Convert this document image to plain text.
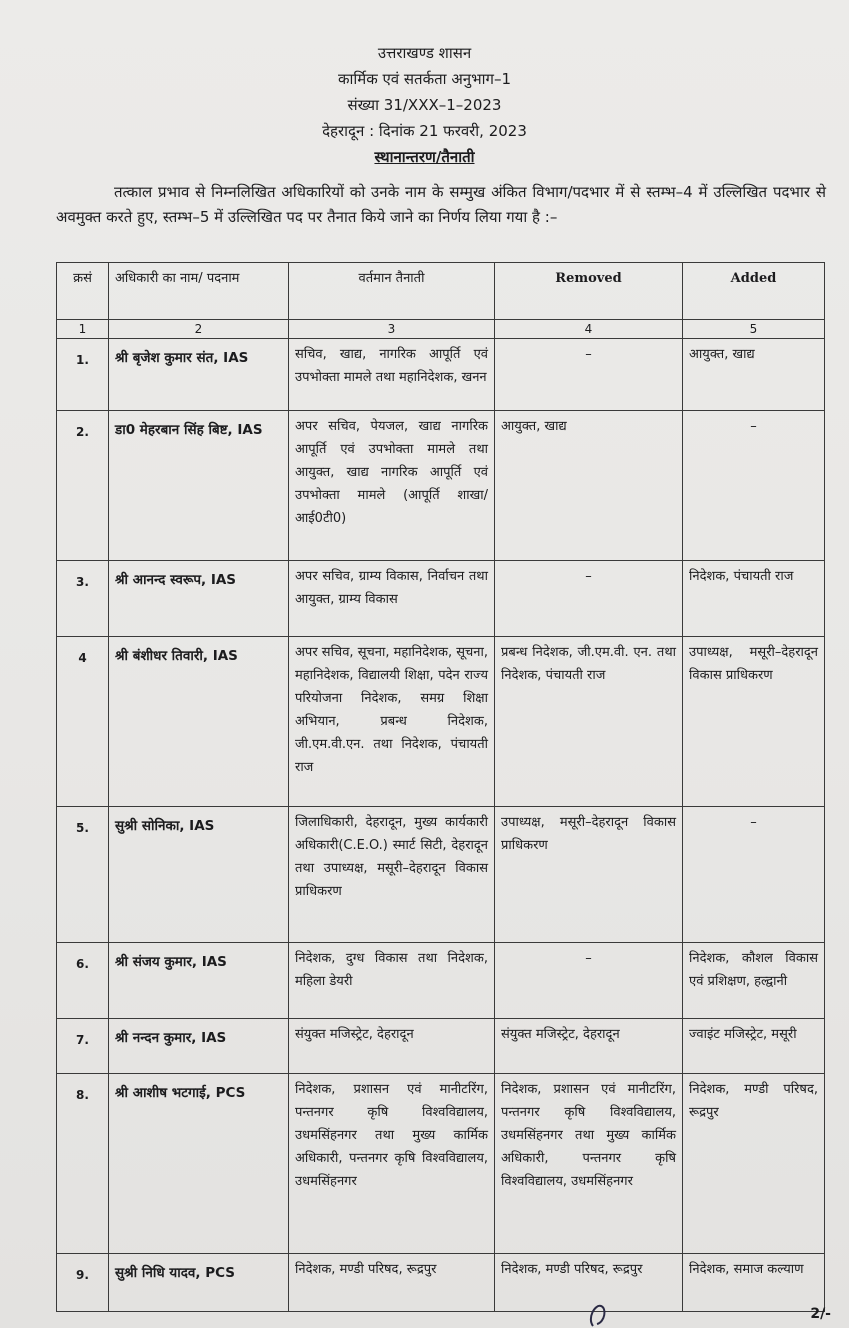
उत्तराखण्ड शासन
कार्मिक एवं सतर्कता अनुभाग–1
संख्या 31/XXX–1–2023
देहरादून : दिनांक 21 फरवरी, 2023
स्थानान्तरण/तैनाती
तत्काल प्रभाव से निम्नलिखित अधिकारियों को उनके नाम के सम्मुख अंकित विभाग/पदभार में से स्तम्भ–4 में उल्लिखित पदभार से अवमुक्त करते हुए, स्तम्भ–5 में उल्लिखित पद पर तैनात किये जाने का निर्णय लिया गया है :–
क्रसं	अधिकारी का नाम/ पदनाम	वर्तमान तैनाती	Removed	Added
1	2	3	4	5
1.	श्री बृजेश कुमार संत, IAS	सचिव, खाद्य, नागरिक आपूर्ति एवं उपभोक्ता मामले तथा महानिदेशक, खनन	–	आयुक्त, खाद्य
2.	डा0 मेहरबान सिंह बिष्ट, IAS	अपर सचिव, पेयजल, खाद्य नागरिक आपूर्ति एवं उपभोक्ता मामले तथा आयुक्त, खाद्य नागरिक आपूर्ति एवं उपभोक्ता मामले (आपूर्ति शाखा/ आई0टी0)	आयुक्त, खाद्य	–
3.	श्री आनन्द स्वरूप, IAS	अपर सचिव, ग्राम्य विकास, निर्वाचन तथा आयुक्त, ग्राम्य विकास	–	निदेशक, पंचायती राज
4	श्री बंशीधर तिवारी, IAS	अपर सचिव, सूचना, महानिदेशक, सूचना, महानिदेशक, विद्यालयी शिक्षा, पदेन राज्य परियोजना निदेशक, समग्र शिक्षा अभियान, प्रबन्ध निदेशक, जी.एम.वी.एन. तथा निदेशक, पंचायती राज	प्रबन्ध निदेशक, जी.एम.वी. एन. तथा निदेशक, पंचायती राज	उपाध्यक्ष, मसूरी–देहरादून विकास प्राधिकरण
5.	सुश्री सोनिका, IAS	जिलाधिकारी, देहरादून, मुख्य कार्यकारी अधिकारी(C.E.O.) स्मार्ट सिटी, देहरादून तथा उपाध्यक्ष, मसूरी–देहरादून विकास प्राधिकरण	उपाध्यक्ष, मसूरी–देहरादून विकास प्राधिकरण	–
6.	श्री संजय कुमार, IAS	निदेशक, दुग्ध विकास तथा निदेशक, महिला डेयरी	–	निदेशक, कौशल विकास एवं प्रशिक्षण, हल्द्वानी
7.	श्री नन्दन कुमार, IAS	संयुक्त मजिस्ट्रेट, देहरादून	संयुक्त मजिस्ट्रेट, देहरादून	ज्वाइंट मजिस्ट्रेट, मसूरी
8.	श्री आशीष भटगाई, PCS	निदेशक, प्रशासन एवं मानीटरिंग, पन्तनगर कृषि विश्वविद्यालय, उधमसिंहनगर तथा मुख्य कार्मिक अधिकारी, पन्तनगर कृषि विश्वविद्यालय, उधमसिंहनगर	निदेशक, प्रशासन एवं मानीटरिंग, पन्तनगर कृषि विश्वविद्यालय, उधमसिंहनगर तथा मुख्य कार्मिक अधिकारी, पन्तनगर कृषि विश्वविद्यालय, उधमसिंहनगर	निदेशक, मण्डी परिषद, रूद्रपुर
9.	सुश्री निधि यादव, PCS	निदेशक, मण्डी परिषद, रूद्रपुर	निदेशक, मण्डी परिषद, रूद्रपुर	निदेशक, समाज कल्याण
2/-
